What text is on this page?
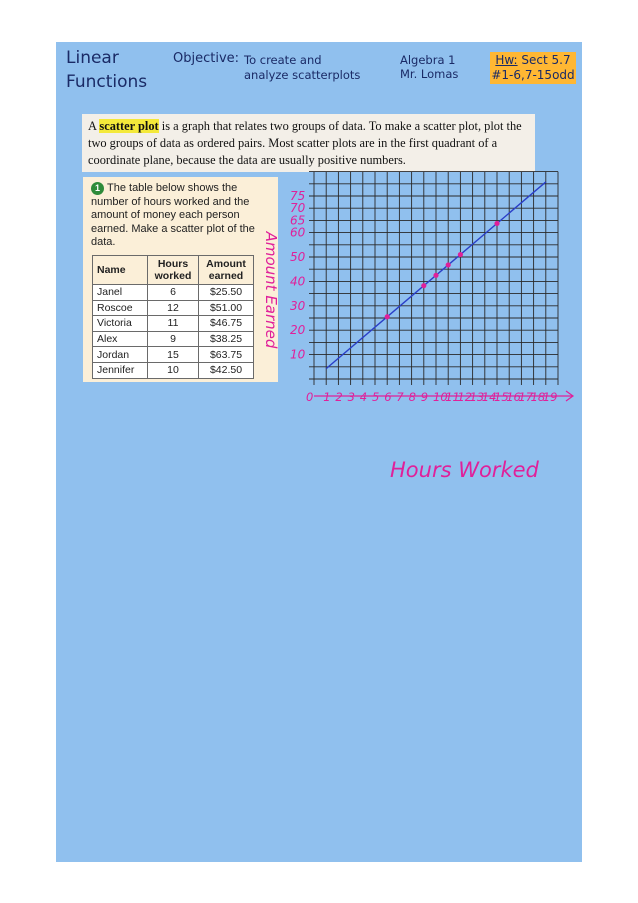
Linear
Functions
Objective: To create and
analyze scatterplots
Algebra 1
Mr. Lomas
Hw: Sect 5.7
#1-6,7-15odd
A scatter plot is a graph that relates two groups of data. To make a scatter plot, plot the two groups of data as ordered pairs. Most scatter plots are in the first quadrant of a coordinate plane, because the data are usually positive numbers.
1 The table below shows the number of hours worked and the amount of money each person earned. Make a scatter plot of the data.
Name	Hours worked	Amount earned
Janel	6	$25.50
Roscoe	12	$51.00
Victoria	11	$46.75
Alex	9	$38.25
Jordan	15	$63.75
Jennifer	10	$42.50
10
20
30
40
50
60
65
70
75
0 1 2 3 4 5 6 7 8 9 10
11
12
13
14
15
16
17
18
19
Amount Earned
Hours Worked
